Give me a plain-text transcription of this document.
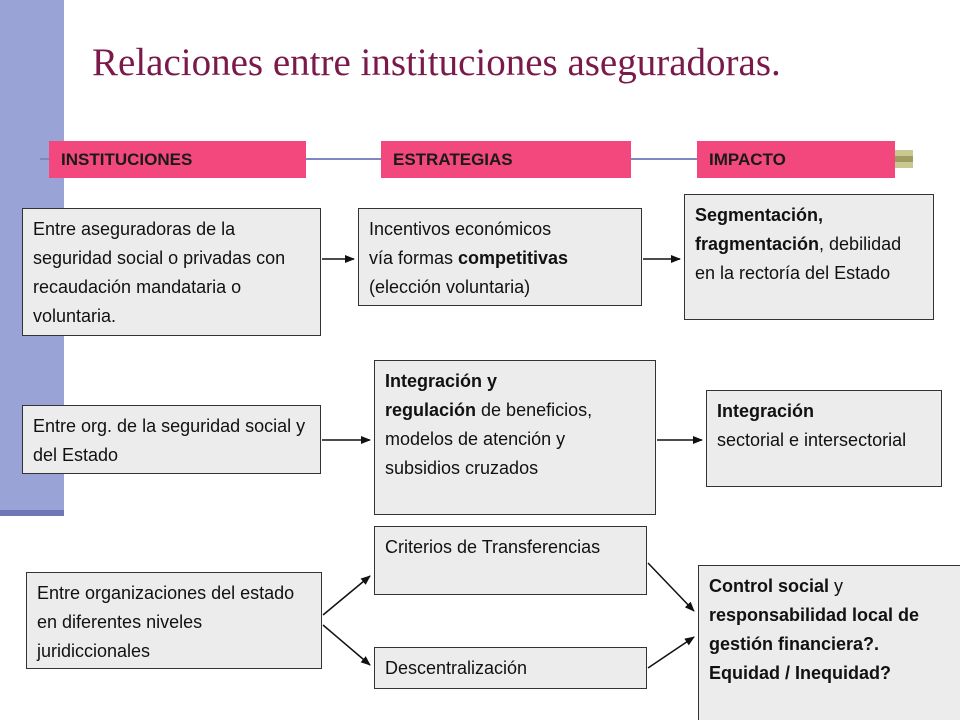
Relaciones entre instituciones aseguradoras.
INSTITUCIONES	ESTRATEGIAS	IMPACTO
Entre aseguradoras de la seguridad social o privadas con recaudación mandataria o voluntaria.
Incentivos económicos
vía formas competitivas
(elección voluntaria)
Segmentación,
fragmentación, debilidad en la rectoría del Estado
Entre org. de la seguridad social y del Estado
Integración y
regulación de beneficios, modelos de atención y subsidios cruzados
Integración
sectorial e intersectorial
Entre organizaciones del estado en diferentes niveles juridiccionales
Criterios de Transferencias
Descentralización
Control social y
responsabilidad local de gestión financiera?. Equidad / Inequidad?
